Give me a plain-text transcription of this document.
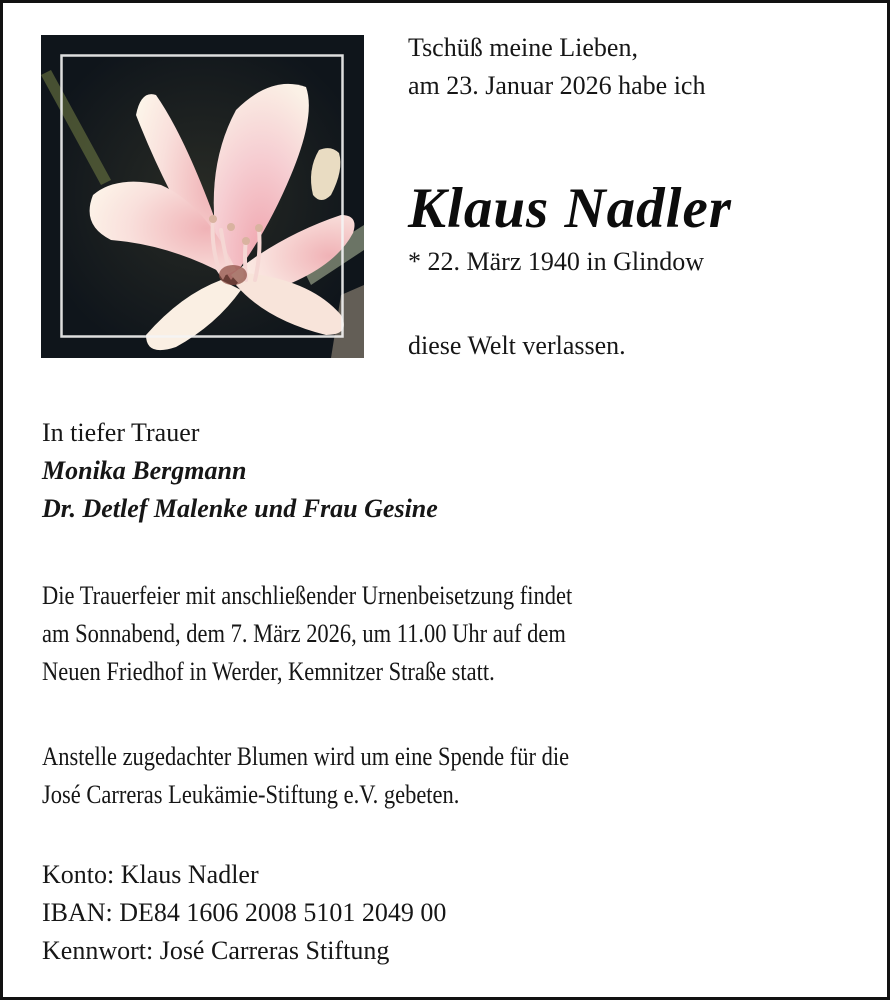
Tschüß meine Lieben,
am 23. Januar 2026 habe ich
Klaus Nadler
* 22. März 1940 in Glindow
diese Welt verlassen.
In tiefer Trauer
Monika Bergmann
Dr. Detlef Malenke und Frau Gesine
Die Trauerfeier mit anschließender Urnenbeisetzung findet
am Sonnabend, dem 7. März 2026, um 11.00 Uhr auf dem
Neuen Friedhof in Werder, Kemnitzer Straße statt.
Anstelle zugedachter Blumen wird um eine Spende für die
José Carreras Leukämie-Stiftung e.V. gebeten.
Konto: Klaus Nadler
IBAN: DE84 1606 2008 5101 2049 00
Kennwort: José Carreras Stiftung
